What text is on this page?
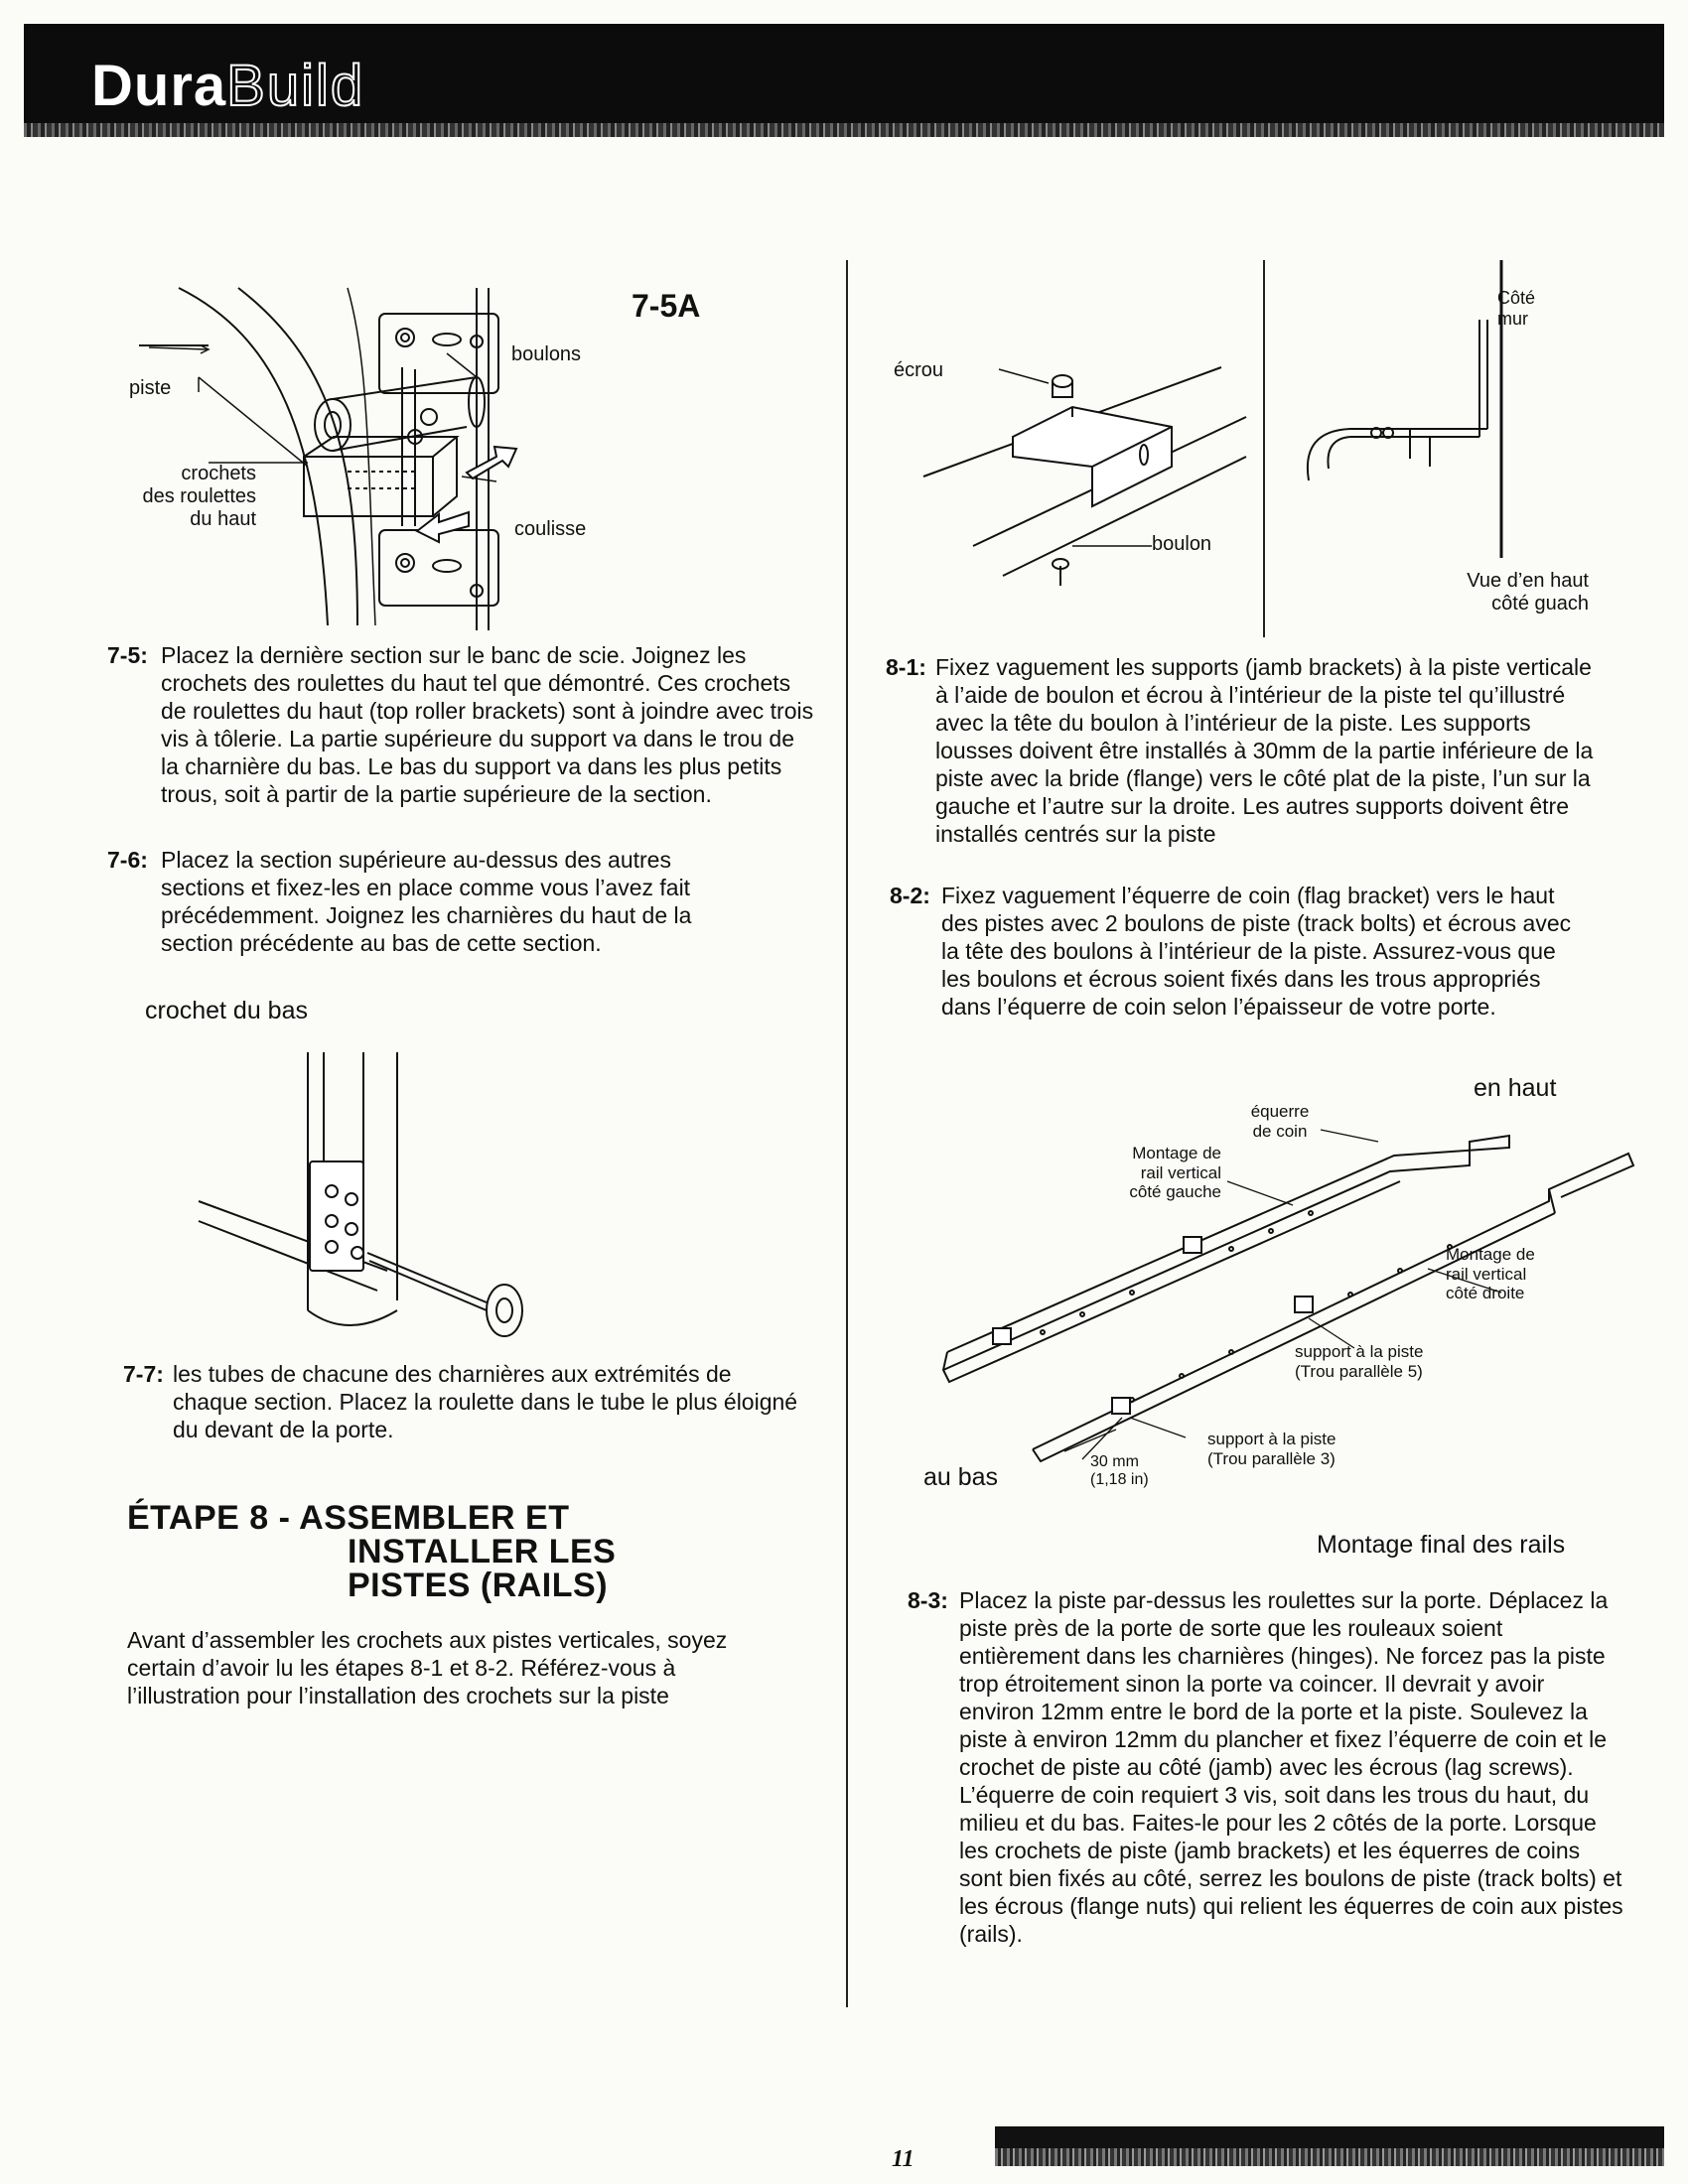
DuraBuild
7-5A
piste
boulons
crochets
des roulettes
du haut	coulisse
7-5: Placez la dernière section sur le banc de scie. Joignez les crochets des roulettes du haut tel que démontré. Ces crochets de roulettes du haut (top roller brackets) sont à joindre avec trois vis à tôlerie. La partie supérieure du support va dans le trou de la charnière du bas. Le bas du support va dans les plus petits trous, soit à partir de la partie supérieure de la section.
7-6: Placez la section supérieure au-dessus des autres sections et fixez-les en place comme vous l’avez fait précédemment. Joignez les charnières du haut de la section précédente au bas de cette section.
crochet du bas
7-7: les tubes de chacune des charnières aux extrémités de chaque section. Placez la roulette dans le tube le plus éloigné du devant de la porte.
ÉTAPE 8 - ASSEMBLER ET
INSTALLER LES
PISTES (RAILS)
Avant d’assembler les crochets aux pistes verticales, soyez certain d’avoir lu les étapes 8-1 et 8-2. Référez-vous à l’illustration pour l’installation des crochets sur la piste
écrou
boulon
Côté
mur
Vue d’en haut
côté guach
8-1: Fixez vaguement les supports (jamb brackets) à la piste verticale à l’aide de boulon et écrou à l’intérieur de la piste tel qu’illustré avec la tête du boulon à l’intérieur de la piste. Les supports lousses doivent être installés à 30mm de la partie inférieure de la piste avec la bride (flange) vers le côté plat de la piste, l’un sur la gauche et l’autre sur la droite. Les autres supports doivent être installés centrés sur la piste
8-2: Fixez vaguement l’équerre de coin (flag bracket) vers le haut des pistes avec 2 boulons de piste (track bolts) et écrous avec la tête des boulons à l’intérieur de la piste. Assurez-vous que les boulons et écrous soient fixés dans les trous appropriés dans l’équerre de coin selon l’épaisseur de votre porte.
en haut
équerre
de coin
Montage de
rail vertical
côté gauche
Montage de
rail vertical
côté droite
support à la piste
(Trou parallèle 5)
support à la piste
(Trou parallèle 3)
30 mm
(1,18 in)
au bas
Montage final des rails
8-3: Placez la piste par-dessus les roulettes sur la porte. Déplacez la piste près de la porte de sorte que les rouleaux soient entièrement dans les charnières (hinges). Ne forcez pas la piste trop étroitement sinon la porte va coincer. Il devrait y avoir environ 12mm entre le bord de la porte et la piste. Soulevez la piste à environ 12mm du plancher et fixez l’équerre de coin et le crochet de piste au côté (jamb) avec les écrous (lag screws). L’équerre de coin requiert 3 vis, soit dans les trous du haut, du milieu et du bas. Faites-le pour les 2 côtés de la porte. Lorsque les crochets de piste (jamb brackets) et les équerres de coins sont bien fixés au côté, serrez les boulons de piste (track bolts) et les écrous (flange nuts) qui relient les équerres de coin aux pistes (rails).
11
